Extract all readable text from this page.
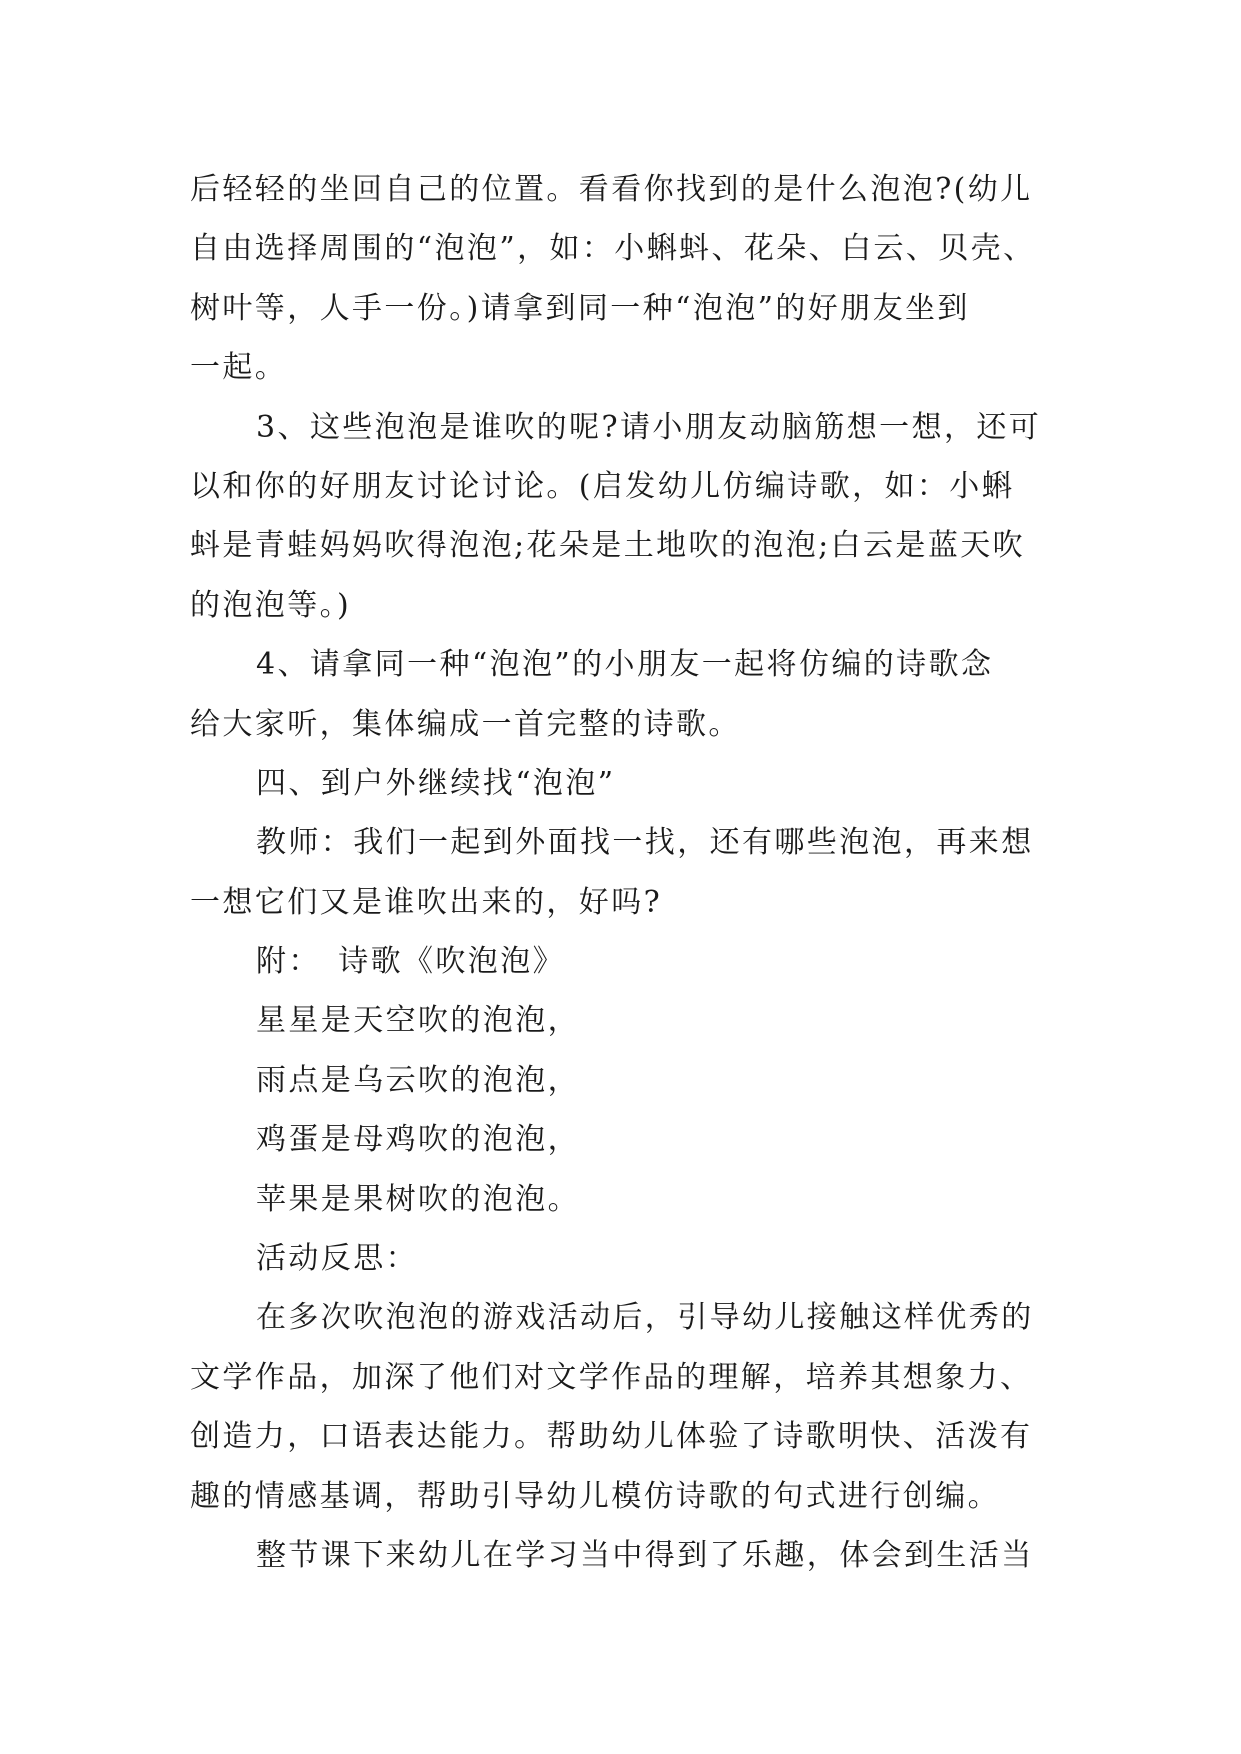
后轻轻的坐回自己的位置。看看你找到的是什么泡泡?(幼儿
自由选择周围的“泡泡”，如：小蝌蚪、花朵、白云、贝壳、
树叶等，人手一份。)请拿到同一种“泡泡”的好朋友坐到
一起。
3、这些泡泡是谁吹的呢?请小朋友动脑筋想一想，还可
以和你的好朋友讨论讨论。(启发幼儿仿编诗歌，如：小蝌
蚪是青蛙妈妈吹得泡泡;花朵是土地吹的泡泡;白云是蓝天吹
的泡泡等。)
4、请拿同一种“泡泡”的小朋友一起将仿编的诗歌念
给大家听，集体编成一首完整的诗歌。
四、到户外继续找“泡泡”
教师：我们一起到外面找一找，还有哪些泡泡，再来想
一想它们又是谁吹出来的，好吗?
附：　诗歌《吹泡泡》
星星是天空吹的泡泡，
雨点是乌云吹的泡泡，
鸡蛋是母鸡吹的泡泡，
苹果是果树吹的泡泡。
活动反思：
在多次吹泡泡的游戏活动后，引导幼儿接触这样优秀的
文学作品，加深了他们对文学作品的理解，培养其想象力、
创造力，口语表达能力。帮助幼儿体验了诗歌明快、活泼有
趣的情感基调，帮助引导幼儿模仿诗歌的句式进行创编。
整节课下来幼儿在学习当中得到了乐趣，体会到生活当
